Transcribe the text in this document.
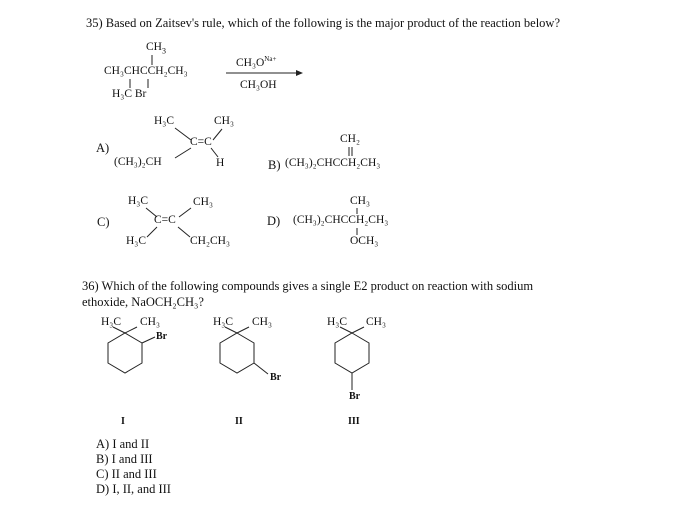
35) Based on Zaitsev's rule, which of the following is the major product of the reaction below?
$CH_3$
CH₃CHCCH₂CH₃
H₃C Br
$CH_3O^{Na+}$
CH₃OH
A)
H₃C	CH₃
C=C
(CH₃)₂CH	H
CH₂
B) (CH₃)₂CHCCH₂CH₃
C)
H₃C	CH₃
C=C
H₃C	CH₂CH₃
CH₃
D) (CH₃)₂CHCCH₂CH₃
OCH₃
36) Which of the following compounds gives a single E2 product on reaction with sodium
ethoxide, NaOCH₂CH₃?
H₃C CH₃
Br
I
H₃C CH₃
Br
II
H₃C CH₃
Br
III
A) I and II
B) I and III
C) II and III
D) I, II, and III
